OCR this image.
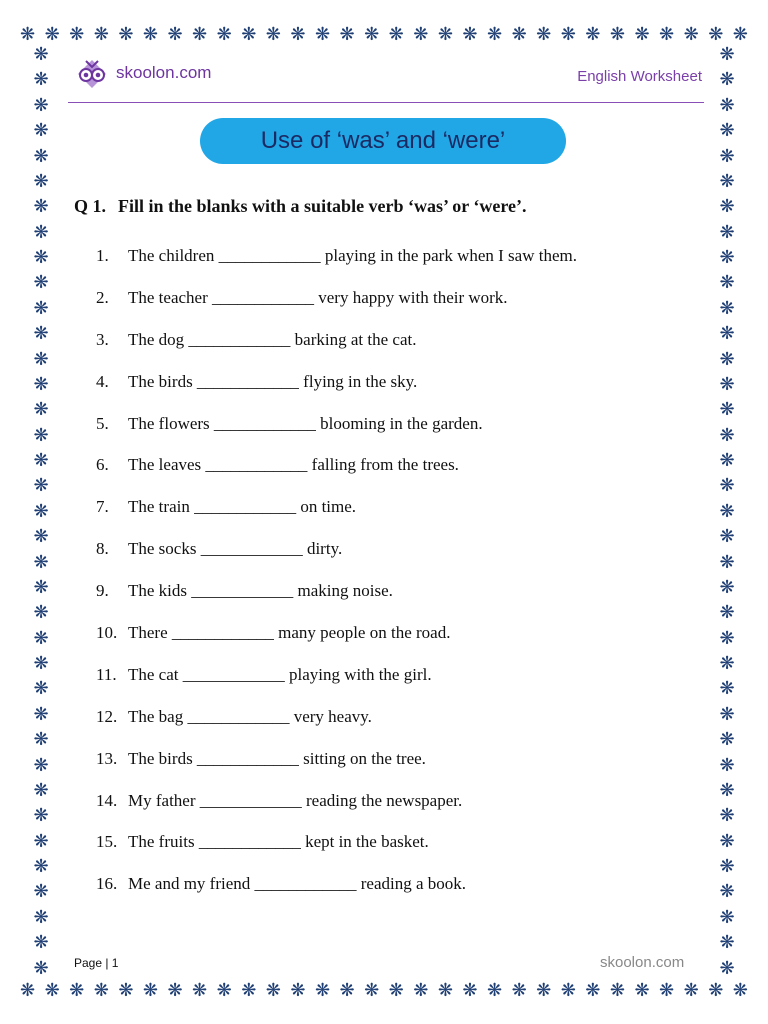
❋ ❋ ❋ ❋ ❋ ❋ ❋ ❋ ❋ ❋ ❋ ❋ ❋ ❋ ❋ ❋ ❋ ❋ ❋ ❋ ❋ ❋ ❋ ❋ ❋ ❋ ❋ ❋ ❋ ❋
❋ ❋ ❋ ❋ ❋ ❋ ❋ ❋ ❋ ❋ ❋ ❋ ❋ ❋ ❋ ❋ ❋ ❋ ❋ ❋ ❋ ❋ ❋ ❋ ❋ ❋ ❋ ❋ ❋ ❋
❋
❋
❋
❋
❋
❋
❋
❋
❋
❋
❋
❋
❋
❋
❋
❋
❋
❋
❋
❋
❋
❋
❋
❋
❋
❋
❋
❋
❋
❋
❋
❋
❋
❋
❋
❋
❋
❋
❋
❋
❋
❋
❋
❋
❋
❋
❋
❋
❋
❋
❋
❋
❋
❋
❋
❋
❋
❋
❋
❋
❋
❋
❋
❋
❋
❋
❋
❋
❋
❋
❋
❋
❋
❋
skoolon.com	English Worksheet
Use of ‘was’ and ‘were’
Q 1. Fill in the blanks with a suitable verb ‘was’ or ‘were’.
1.	The children ____________ playing in the park when I saw them.
2.	The teacher ____________ very happy with their work.
3.	The dog ____________ barking at the cat.
4.	The birds ____________ flying in the sky.
5.	The flowers ____________ blooming in the garden.
6.	The leaves ____________ falling from the trees.
7.	The train ____________ on time.
8.	The socks ____________ dirty.
9.	The kids ____________ making noise.
10. There ____________ many people on the road.
11. The cat ____________ playing with the girl.
12. The bag ____________ very heavy.
13. The birds ____________ sitting on the tree.
14. My father ____________ reading the newspaper.
15. The fruits ____________ kept in the basket.
16. Me and my friend ____________ reading a book.
Page | 1	skoolon.com
